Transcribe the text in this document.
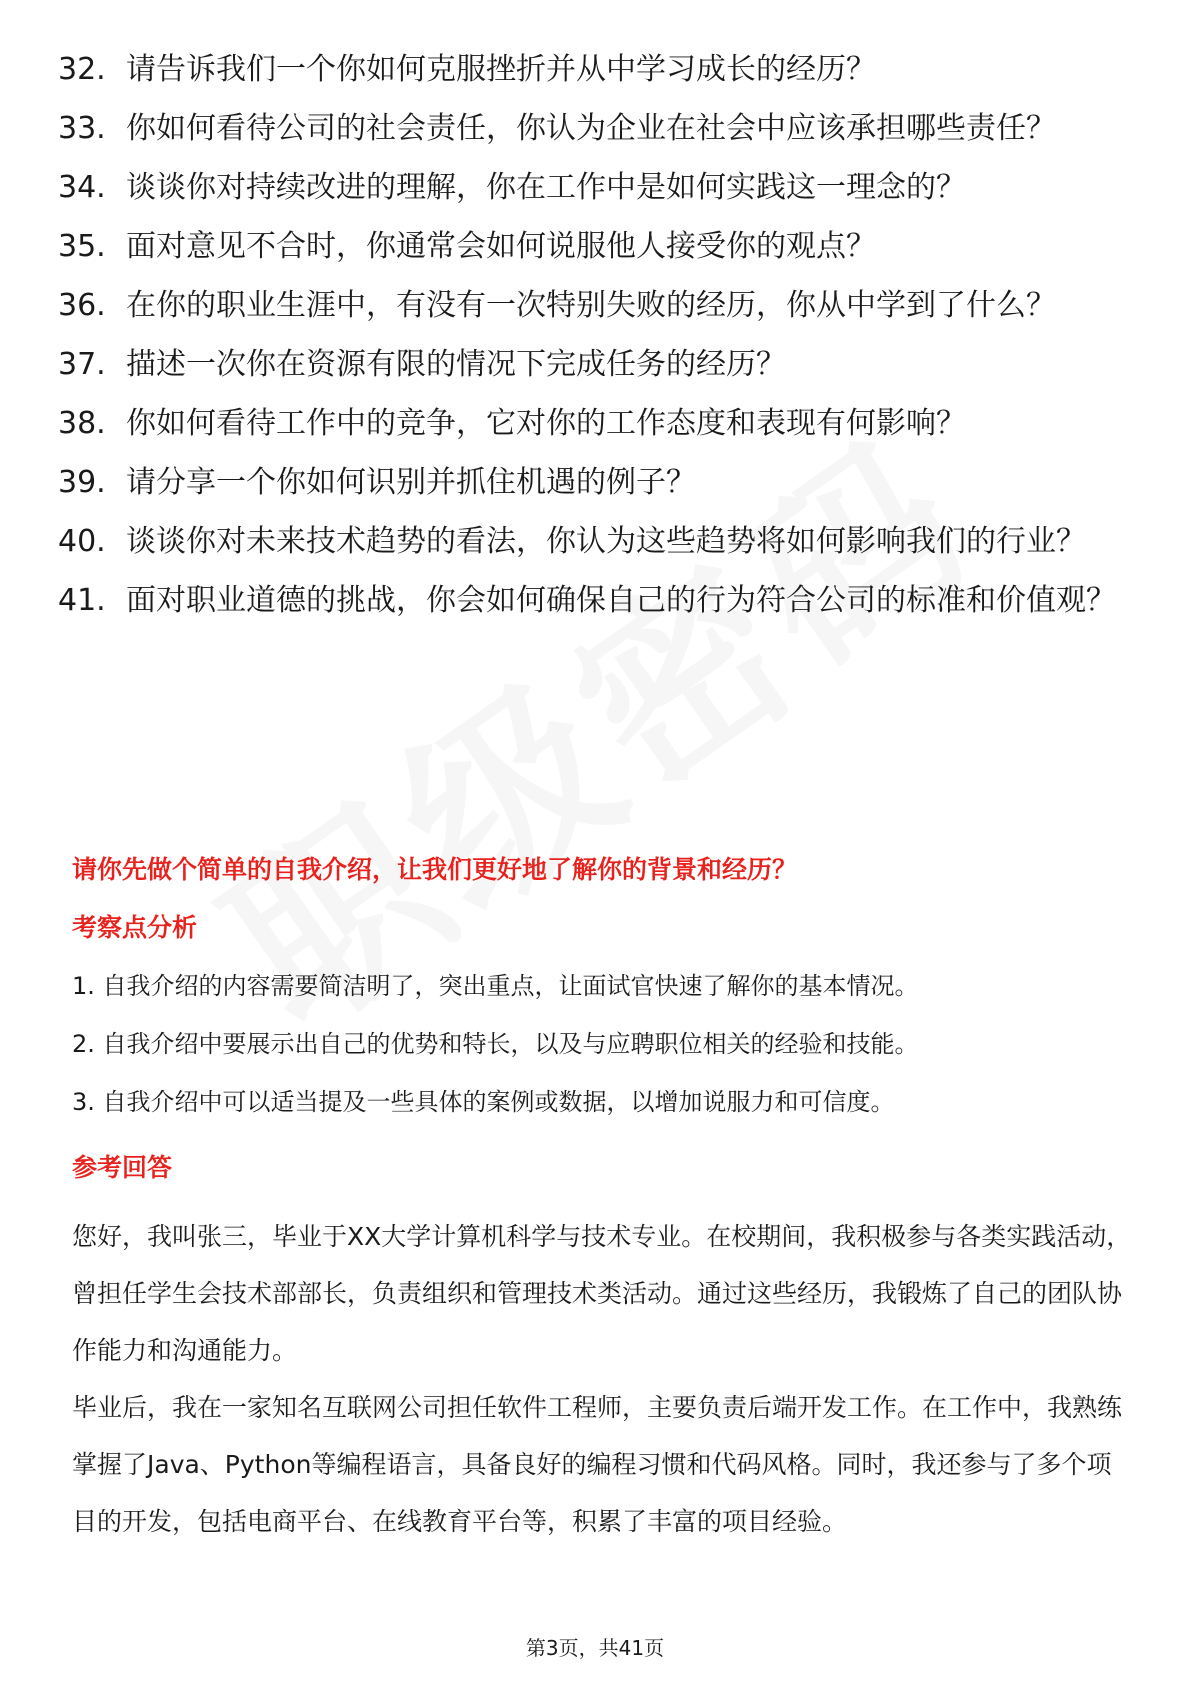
32. 请告诉我们一个你如何克服挫折并从中学习成长的经历？
33. 你如何看待公司的社会责任，你认为企业在社会中应该承担哪些责任？
34. 谈谈你对持续改进的理解，你在工作中是如何实践这一理念的？
35. 面对意见不合时，你通常会如何说服他人接受你的观点？
36. 在你的职业生涯中，有没有一次特别失败的经历，你从中学到了什么？
37. 描述一次你在资源有限的情况下完成任务的经历？
38. 你如何看待工作中的竞争，它对你的工作态度和表现有何影响？
39. 请分享一个你如何识别并抓住机遇的例子？
40. 谈谈你对未来技术趋势的看法，你认为这些趋势将如何影响我们的行业？
41. 面对职业道德的挑战，你会如何确保自己的行为符合公司的标准和价值观？
请你先做个简单的自我介绍，让我们更好地了解你的背景和经历？
考察点分析
1. 自我介绍的内容需要简洁明了，突出重点，让面试官快速了解你的基本情况。
2. 自我介绍中要展示出自己的优势和特长，以及与应聘职位相关的经验和技能。
3. 自我介绍中可以适当提及一些具体的案例或数据，以增加说服力和可信度。
参考回答

您好，我叫张三，毕业于XX大学计算机科学与技术专业。在校期间，我积极参与各类实践活动，曾担任学生会技术部部长，负责组织和管理技术类活动。通过这些经历，我锻炼了自己的团队协作能力和沟通能力。

毕业后，我在一家知名互联网公司担任软件工程师，主要负责后端开发工作。在工作中，我熟练掌握了Java、Python等编程语言，具备良好的编程习惯和代码风格。同时，我还参与了多个项目的开发，包括电商平台、在线教育平台等，积累了丰富的项目经验。

第3页，共41页
